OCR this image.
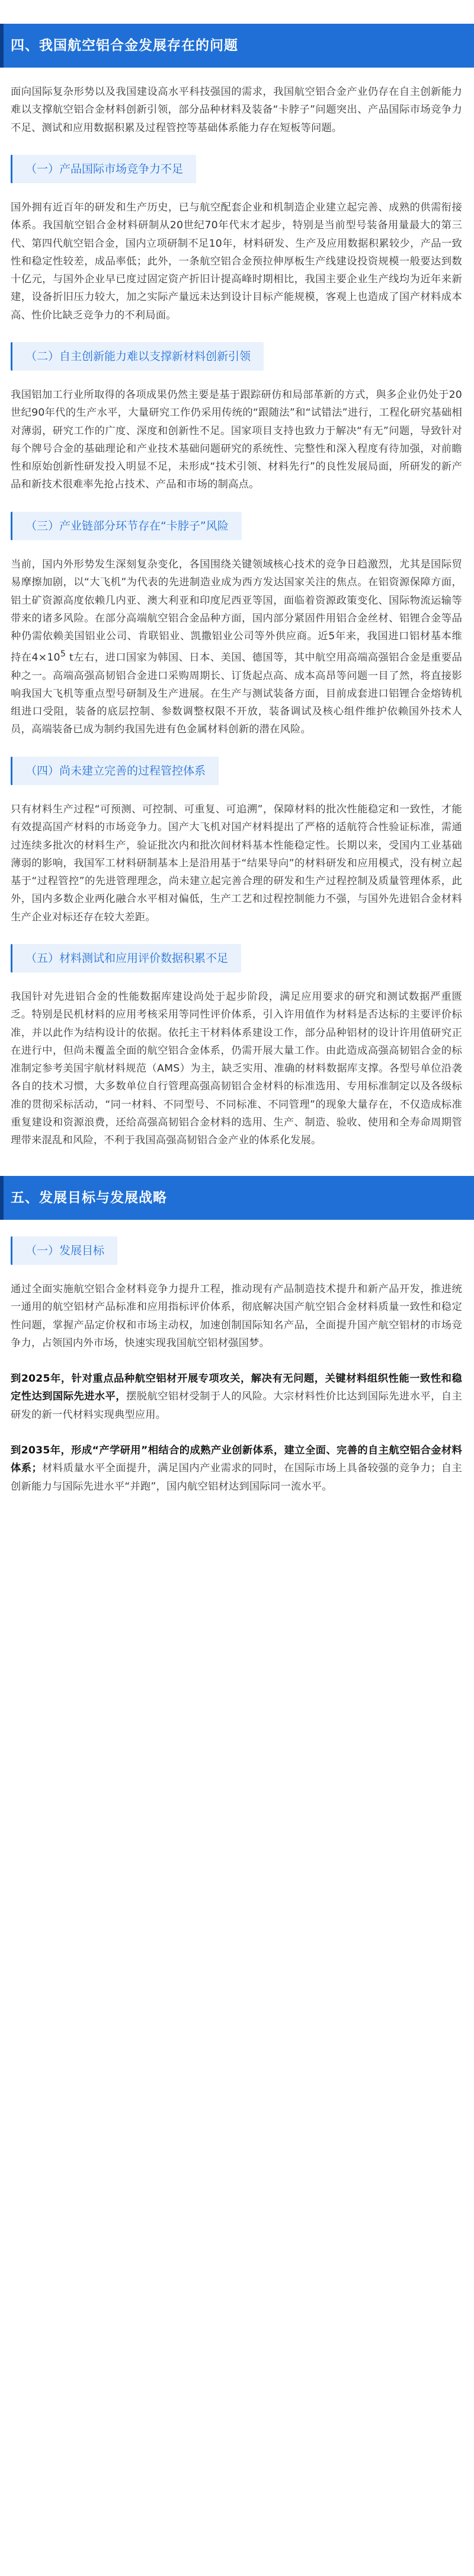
四、我国航空铝合金发展存在的问题
面向国际复杂形势以及我国建设高水平科技强国的需求，我国航空铝合金产业仍存在自主创新能力难以支撑航空铝合金材料创新引领，部分品种材料及装备“卡脖子”问题突出、产品国际市场竞争力不足、测试和应用数据积累及过程管控等基础体系能力存在短板等问题。
（一）产品国际市场竞争力不足
国外拥有近百年的研发和生产历史，已与航空配套企业和机制造企业建立起完善、成熟的供需衔接体系。我国航空铝合金材料研制从20世纪70年代末才起步，特别是当前型号装备用量最大的第三代、第四代航空铝合金，国内立项研制不足10年，材料研发、生产及应用数据积累较少，产品一致性和稳定性较差，成品率低；此外，一条航空铝合金预拉伸厚板生产线建设投资规模一般要达到数十亿元，与国外企业早已度过固定资产折旧计提高峰时期相比，我国主要企业生产线均为近年来新建，设备折旧压力较大，加之实际产量远未达到设计目标产能规模，客观上也造成了国产材料成本高、性价比缺乏竞争力的不利局面。
（二）自主创新能力难以支撑新材料创新引领
我国铝加工行业所取得的各项成果仍然主要是基于跟踪研仿和局部革新的方式，與多企业仍处于20世纪90年代的生产水平，大量研究工作仍采用传统的“跟随法”和“试错法”进行，工程化研究基础相对薄弱，研究工作的广度、深度和创新性不足。国家项目支持也致力于解决“有无”问题，导致针对每个牌号合金的基础理论和产业技术基础问题研究的系统性、完整性和深入程度有待加强，对前瞻性和原始创新性研发投入明显不足，未形成“技术引领、材料先行”的良性发展局面，所研发的新产品和新技术很难率先抢占技术、产品和市场的制高点。
（三）产业链部分环节存在“卡脖子”风险
当前，国内外形势发生深刻复杂变化，各国围绕关键领域核心技术的竞争日趋激烈，尤其是国际贸易摩擦加剧，以“大飞机”为代表的先进制造业成为西方发达国家关注的焦点。在铝资源保障方面，铝土矿资源高度依赖几内亚、澳大利亚和印度尼西亚等国，面临着资源政策变化、国际物流运输等带来的诸多风险。在部分高端航空铝合金品种方面，国内部分紧固件用铝合金丝材、铝锂合金等品种仍需依赖美国铝业公司、肯联铝业、凯撒铝业公司等外供应商。近5年来，我国进口铝材基本维持在$4\times 10^5$ t左右，进口国家为韩国、日本、美国、德国等，其中航空用高端高强铝合金是重要品种之一。高端高强高韧铝合金进口采购周期长、订货起点高、成本高昂等问题一目了然，将直接影响我国大飞机等重点型号研制及生产进展。在生产与测试装备方面，目前成套进口铝锂合金熔铸机组进口受阻，装备的底层控制、参数调整权限不开放，装备调试及核心组件维护依赖国外技术人员，高端装备已成为制约我国先进有色金属材料创新的潜在风险。
（四）尚未建立完善的过程管控体系
只有材料生产过程“可预测、可控制、可重复、可追溯”，保障材料的批次性能稳定和一致性，才能有效提高国产材料的市场竞争力。国产大飞机对国产材料提出了严格的适航符合性验证标准，需通过连续多批次的材料生产，验证批次内和批次间材料基本性能稳定性。长期以来，受国内工业基础薄弱的影响，我国军工材料研制基本上是沿用基于“结果导向”的材料研发和应用模式，没有树立起基于“过程管控”的先进管理理念，尚未建立起完善合理的研发和生产过程控制及质量管理体系，此外，国内多数企业两化融合水平相对偏低，生产工艺和过程控制能力不强，与国外先进铝合金材料生产企业对标还存在较大差距。
（五）材料测试和应用评价数据积累不足
我国针对先进铝合金的性能数据库建设尚处于起步阶段，满足应用要求的研究和测试数据严重匮乏。特别是民机材料的应用考核采用等同性评价体系，引入许用值作为材料是否达标的主要评价标准，并以此作为结构设计的依据。依托主干材料体系建设工作，部分品种铝材的设计许用值研究正在进行中，但尚未覆盖全面的航空铝合金体系，仍需开展大量工作。由此造成高强高韧铝合金的标准制定参考美国宇航材料规范（AMS）为主，缺乏实用、准确的材料数据库支撑。各型号单位沿袭各自的技术习惯，大多数单位自行管理高强高韧铝合金材料的标准选用、专用标准制定以及各级标准的贯彻采标活动，“同一材料、不同型号、不同标准、不同管理”的现象大量存在，不仅造成标准重复建设和资源浪费，还给高强高韧铝合金材料的选用、生产、制造、验收、使用和全寿命周期管理带来混乱和风险，不利于我国高强高韧铝合金产业的体系化发展。
五、发展目标与发展战略
（一）发展目标
通过全面实施航空铝合金材料竞争力提升工程，推动现有产品制造技术提升和新产品开发，推进统一通用的航空铝材产品标准和应用指标评价体系，彻底解决国产航空铝合金材料质量一致性和稳定性问题，掌握产品定价权和市场主动权，加速创制国际知名产品，全面提升国产航空铝材的市场竞争力，占领国内外市场，快速实现我国航空铝材强国梦。
到2025年，针对重点品种航空铝材开展专项攻关，解决有无问题，关键材料组织性能一致性和稳定性达到国际先进水平，摆脱航空铝材受制于人的风险。大宗材料性价比达到国际先进水平，自主研发的新一代材料实现典型应用。
到2035年，形成“产学研用”相结合的成熟产业创新体系，建立全面、完善的自主航空铝合金材料体系；材料质量水平全面提升，满足国内产业需求的同时，在国际市场上具备较强的竞争力；自主创新能力与国际先进水平“并跑”，国内航空铝材达到国际同一流水平。
